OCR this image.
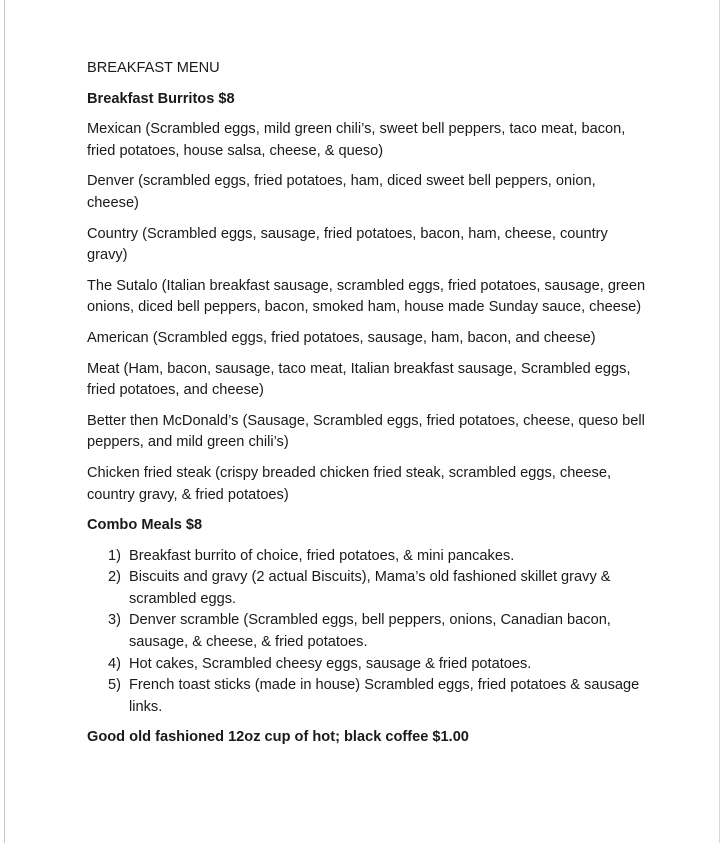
BREAKFAST MENU

Breakfast Burritos $8

Mexican (Scrambled eggs, mild green chili’s, sweet bell peppers, taco meat, bacon, fried potatoes, house salsa, cheese, & queso)

Denver (scrambled eggs, fried potatoes, ham, diced sweet bell peppers, onion, cheese)

Country (Scrambled eggs, sausage, fried potatoes, bacon, ham, cheese, country gravy)

The Sutalo (Italian breakfast sausage, scrambled eggs, fried potatoes, sausage, green onions, diced bell peppers, bacon, smoked ham, house made Sunday sauce, cheese)

American (Scrambled eggs, fried potatoes, sausage, ham, bacon, and cheese)

Meat (Ham, bacon, sausage, taco meat, Italian breakfast sausage, Scrambled eggs, fried potatoes, and cheese)

Better then McDonald’s (Sausage, Scrambled eggs, fried potatoes, cheese, queso bell peppers, and mild green chili’s)

Chicken fried steak (crispy breaded chicken fried steak, scrambled eggs, cheese, country gravy, & fried potatoes)

Combo Meals $8

1) Breakfast burrito of choice, fried potatoes, & mini pancakes.
2) Biscuits and gravy (2 actual Biscuits), Mama’s old fashioned skillet gravy & scrambled eggs.
3) Denver scramble (Scrambled eggs, bell peppers, onions, Canadian bacon, sausage, & cheese, & fried potatoes.
4) Hot cakes, Scrambled cheesy eggs, sausage & fried potatoes.
5) French toast sticks (made in house) Scrambled eggs, fried potatoes & sausage links.

Good old fashioned 12oz cup of hot; black coffee $1.00
